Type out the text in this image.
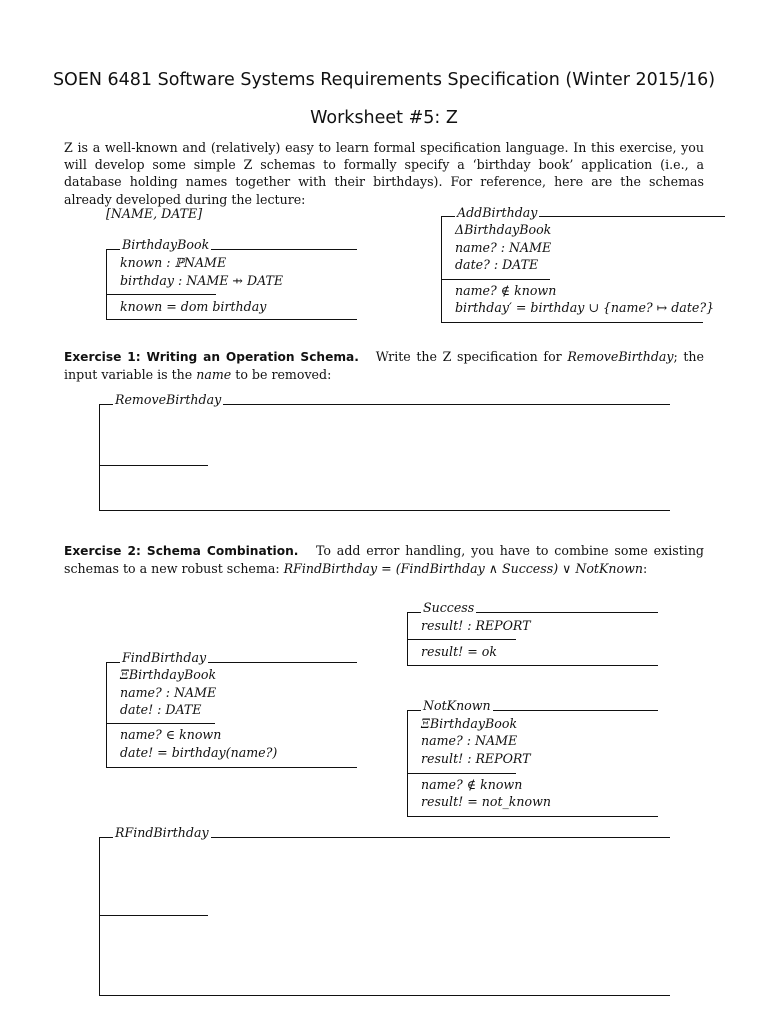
SOEN 6481 Software Systems Requirements Specification (Winter 2015/16)
Worksheet #5: Z
Z is a well-known and (relatively) easy to learn formal specification language. In this exercise, you will develop some simple Z schemas to formally specify a ‘birthday book’ application (i.e., a database holding names together with their birthdays). For reference, here are the schemas already developed during the lecture:
[NAME, DATE]
BirthdayBook
known : ℙNAME
birthday : NAME ⇸ DATE
known = dom birthday
AddBirthday
ΔBirthdayBook
name? : NAME
date? : DATE
name? ∉ known
birthday′ = birthday ∪ {name? ↦ date?}
Exercise 1: Writing an Operation Schema. Write the Z specification for RemoveBirthday; the input variable is the name to be removed:
RemoveBirthday
Exercise 2: Schema Combination. To add error handling, you have to combine some existing schemas to a new robust schema: RFindBirthday = (FindBirthday ∧ Success) ∨ NotKnown:
Success
result! : REPORT
result! = ok
FindBirthday
ΞBirthdayBook
name? : NAME
date! : DATE
name? ∈ known
date! = birthday(name?)
NotKnown
ΞBirthdayBook
name? : NAME
result! : REPORT
name? ∉ known
result! = not_known
RFindBirthday
